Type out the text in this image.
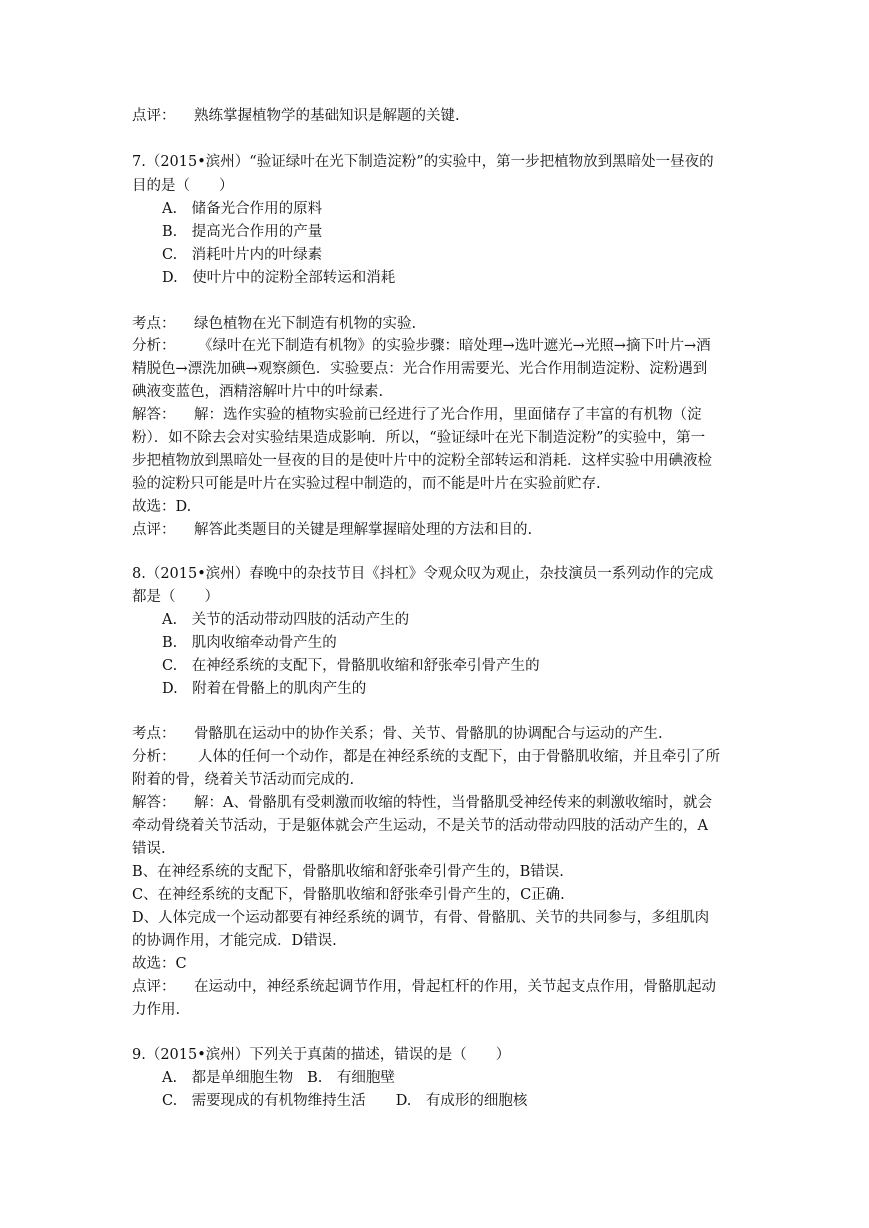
点评： 熟练掌握植物学的基础知识是解题的关键.
7.（2015•滨州）“验证绿叶在光下制造淀粉”的实验中，第一步把植物放到黑暗处一昼夜的
目的是（　　）
A.　储备光合作用的原料
B.　提高光合作用的产量
C.　消耗叶片内的叶绿素
D.　使叶片中的淀粉全部转运和消耗
考点： 绿色植物在光下制造有机物的实验.
分析： 《绿叶在光下制造有机物》的实验步骤：暗处理→选叶遮光→光照→摘下叶片→酒
精脱色→漂洗加碘→观察颜色．实验要点：光合作用需要光、光合作用制造淀粉、淀粉遇到
碘液变蓝色，酒精溶解叶片中的叶绿素.
解答： 解：选作实验的植物实验前已经进行了光合作用，里面储存了丰富的有机物（淀
粉）．如不除去会对实验结果造成影响．所以，“验证绿叶在光下制造淀粉”的实验中，第一
步把植物放到黑暗处一昼夜的目的是使叶片中的淀粉全部转运和消耗．这样实验中用碘液检
验的淀粉只可能是叶片在实验过程中制造的，而不能是叶片在实验前贮存.
故选：D.
点评： 解答此类题目的关键是理解掌握暗处理的方法和目的.
8.（2015•滨州）春晚中的杂技节目《抖杠》令观众叹为观止，杂技演员一系列动作的完成
都是（　　）
A.　关节的活动带动四肢的活动产生的
B.　肌肉收缩牵动骨产生的
C.　在神经系统的支配下，骨骼肌收缩和舒张牵引骨产生的
D.　附着在骨骼上的肌肉产生的
考点： 骨骼肌在运动中的协作关系；骨、关节、骨骼肌的协调配合与运动的产生.
分析： 人体的任何一个动作，都是在神经系统的支配下，由于骨骼肌收缩，并且牵引了所
附着的骨，绕着关节活动而完成的.
解答： 解：A、骨骼肌有受刺激而收缩的特性，当骨骼肌受神经传来的刺激收缩时，就会
牵动骨绕着关节活动，于是躯体就会产生运动，不是关节的活动带动四肢的活动产生的，A
错误.
B、在神经系统的支配下，骨骼肌收缩和舒张牵引骨产生的，B错误.
C、在神经系统的支配下，骨骼肌收缩和舒张牵引骨产生的，C正确.
D、人体完成一个运动都要有神经系统的调节，有骨、骨骼肌、关节的共同参与，多组肌肉
的协调作用，才能完成．D错误.
故选：C
点评： 在运动中，神经系统起调节作用，骨起杠杆的作用，关节起支点作用，骨骼肌起动
力作用.
9.（2015•滨州）下列关于真菌的描述，错误的是（　　）
A.　都是单细胞生物 B.　有细胞壁
C.　需要现成的有机物维持生活 D.　有成形的细胞核
